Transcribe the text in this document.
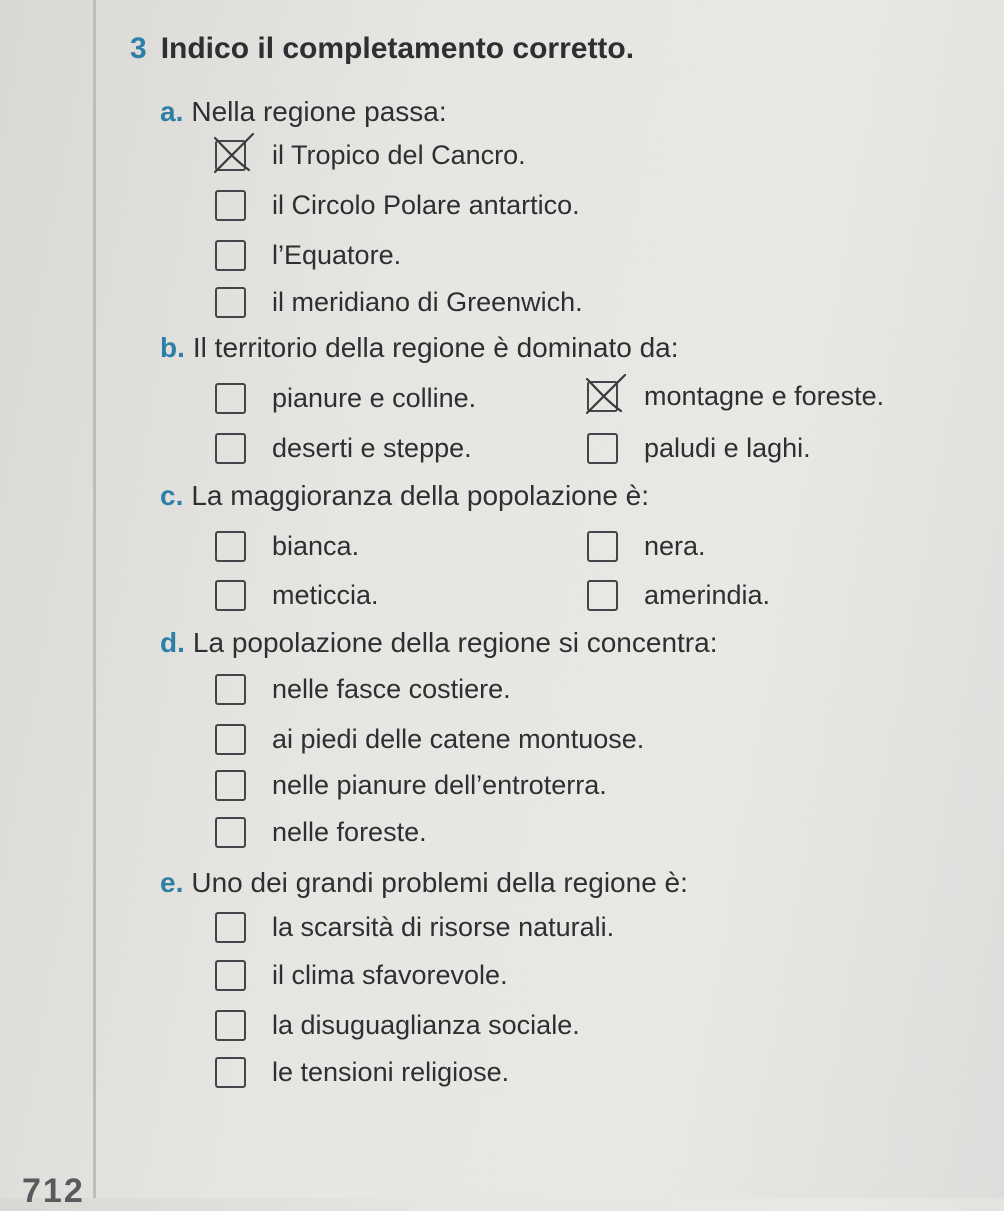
712
3 Indico il completamento corretto.
a. Nella regione passa:
il Tropico del Cancro.
il Circolo Polare antartico.
l’Equatore.
il meridiano di Greenwich.
b. Il territorio della regione è dominato da:
pianure e colline.	montagne e foreste.
deserti e steppe.	paludi e laghi.
c. La maggioranza della popolazione è:
bianca.	nera.
meticcia.	amerindia.
d. La popolazione della regione si concentra:
nelle fasce costiere.
ai piedi delle catene montuose.
nelle pianure dell’entroterra.
nelle foreste.
e. Uno dei grandi problemi della regione è:
la scarsità di risorse naturali.
il clima sfavorevole.
la disuguaglianza sociale.
le tensioni religiose.
